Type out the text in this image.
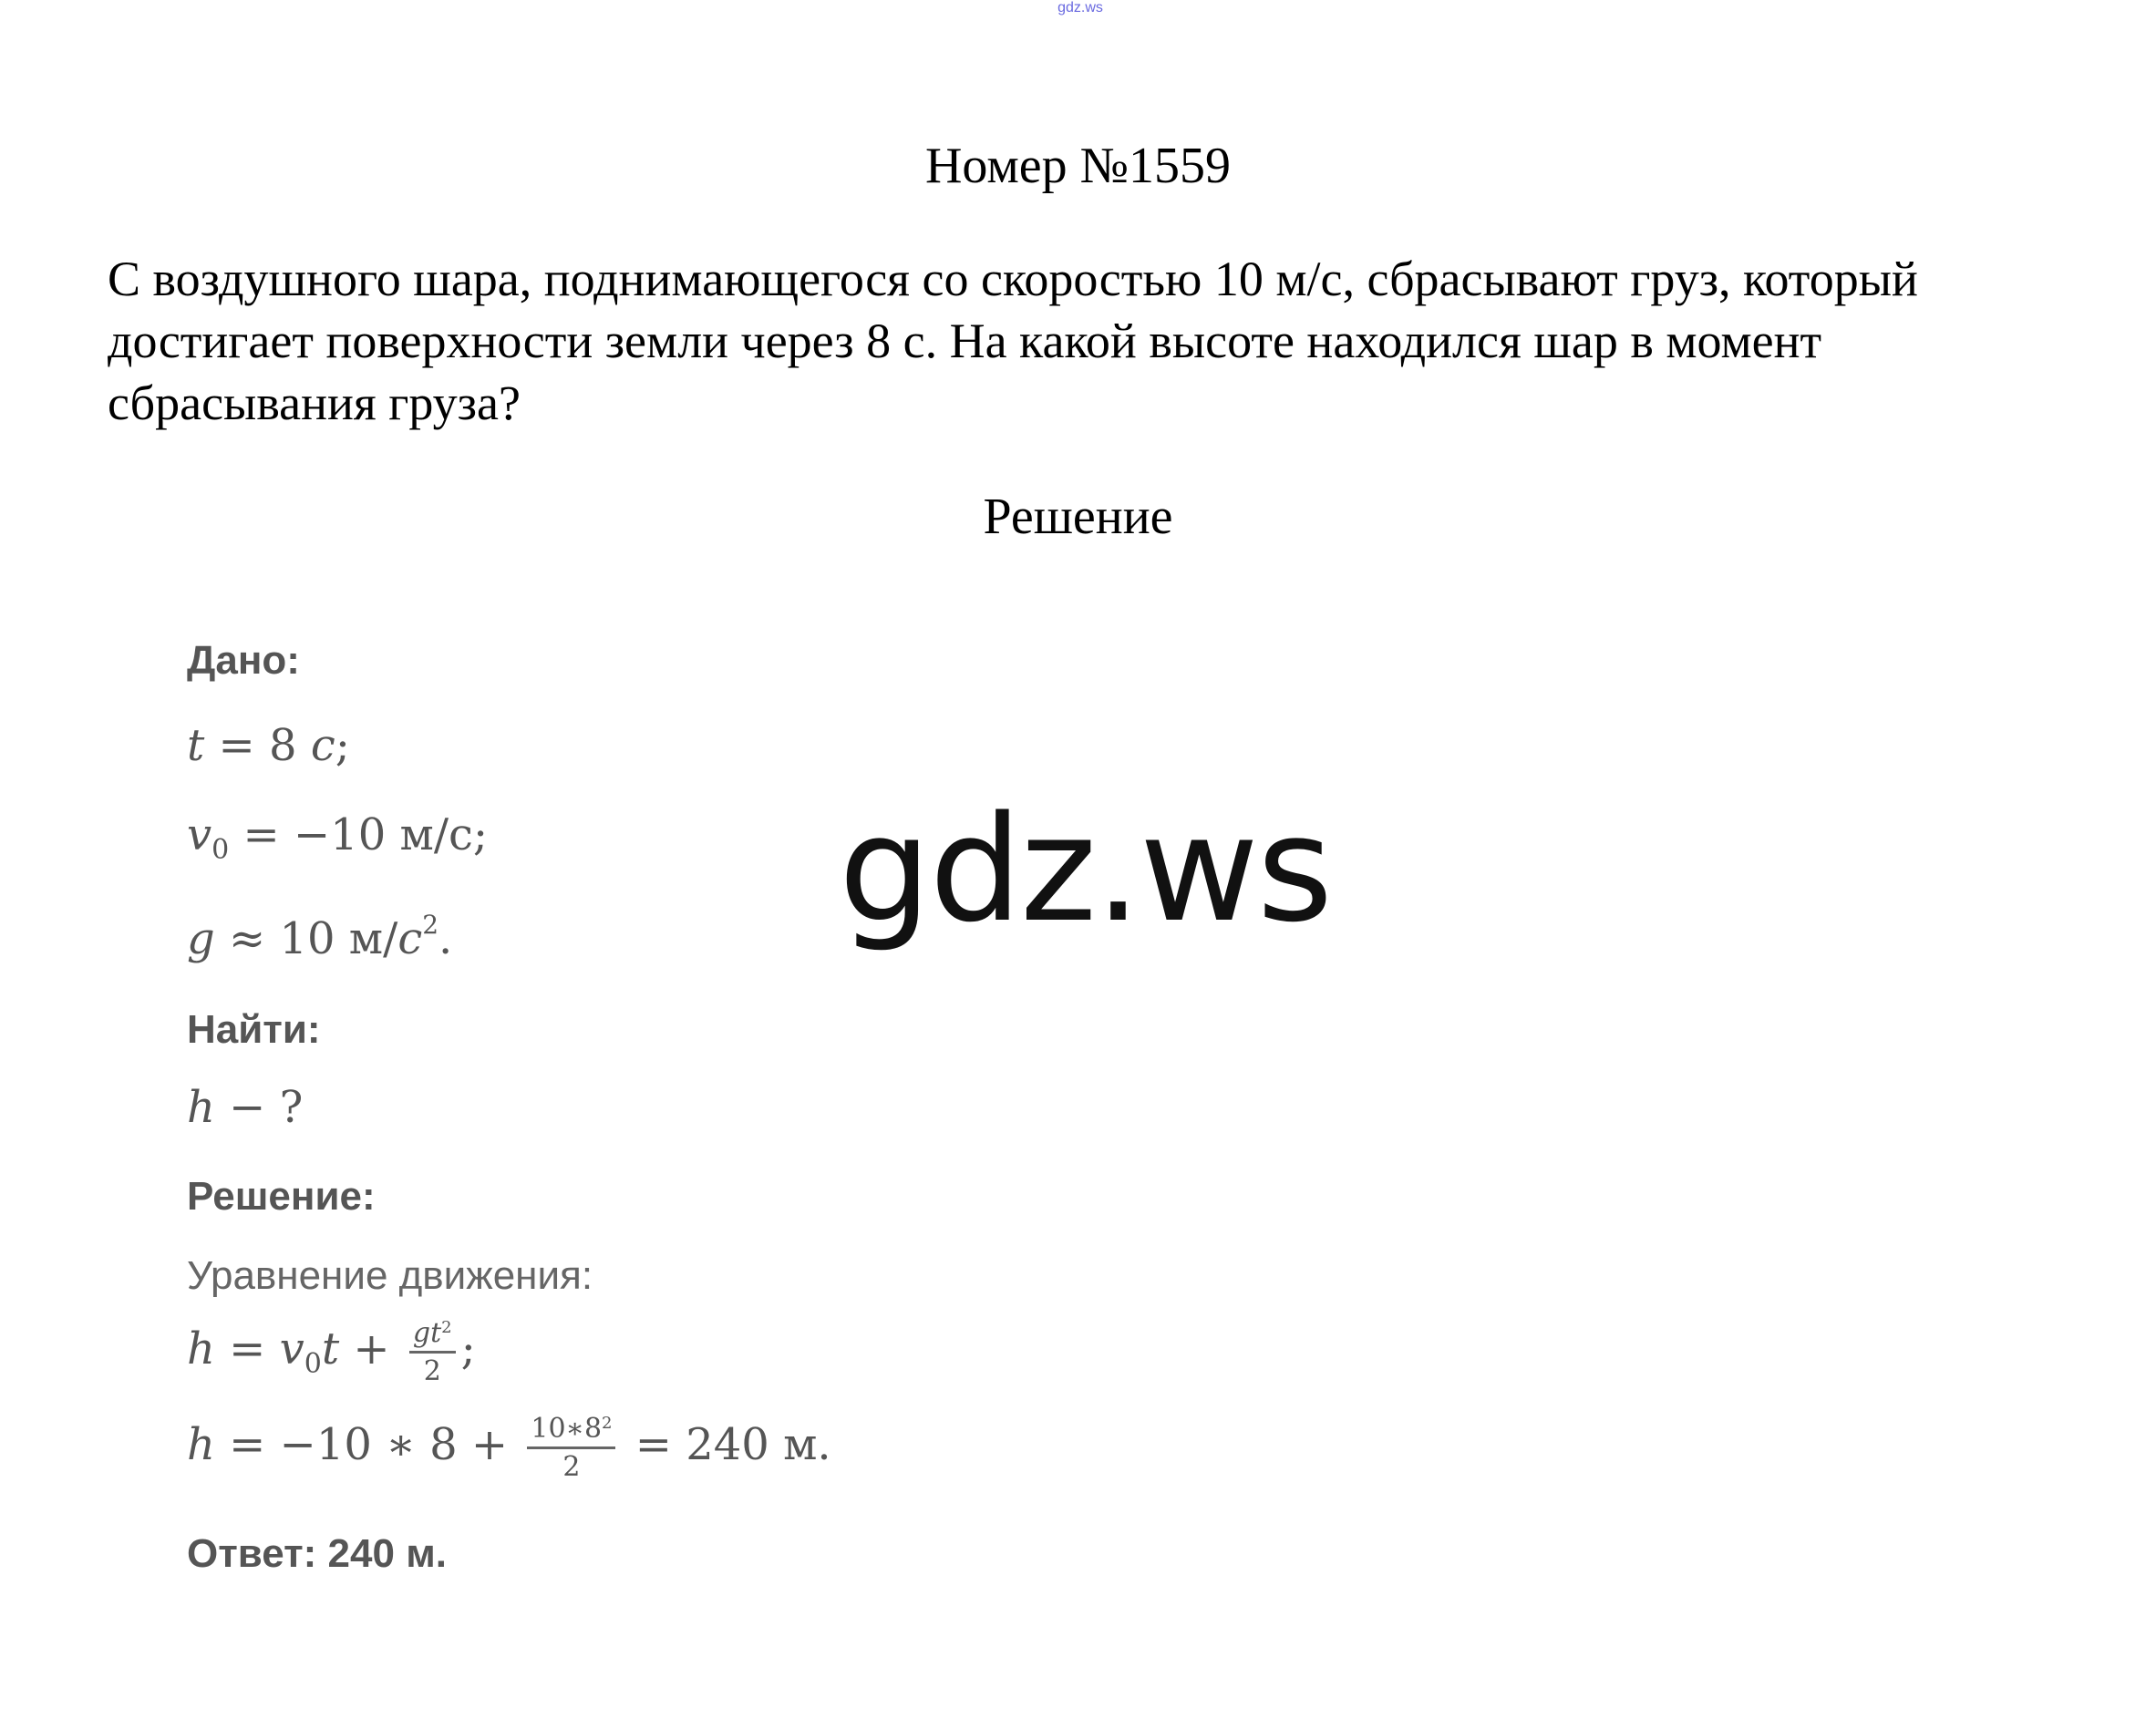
gdz.ws
Номер №1559
С воздушного шара, поднимающегося со скоростью 10 м/с, сбрасывают груз, который достигает поверхности земли через 8 с. На какой высоте находился шар в момент сбрасывания груза?
Решение
Дано:
t = 8 c;
$v_0 = -10$ м/с;
g ≈ 10 $м/c^2$.
Найти:
h − ?
Решение:
Уравнение движения:
$h = v_0t + \frac{gt^2}{2}$ ;
h = −10 ∗ $8 + \frac{10∗8^2}{2} = 240$ м.
Ответ: 240 м.
gdz.ws
